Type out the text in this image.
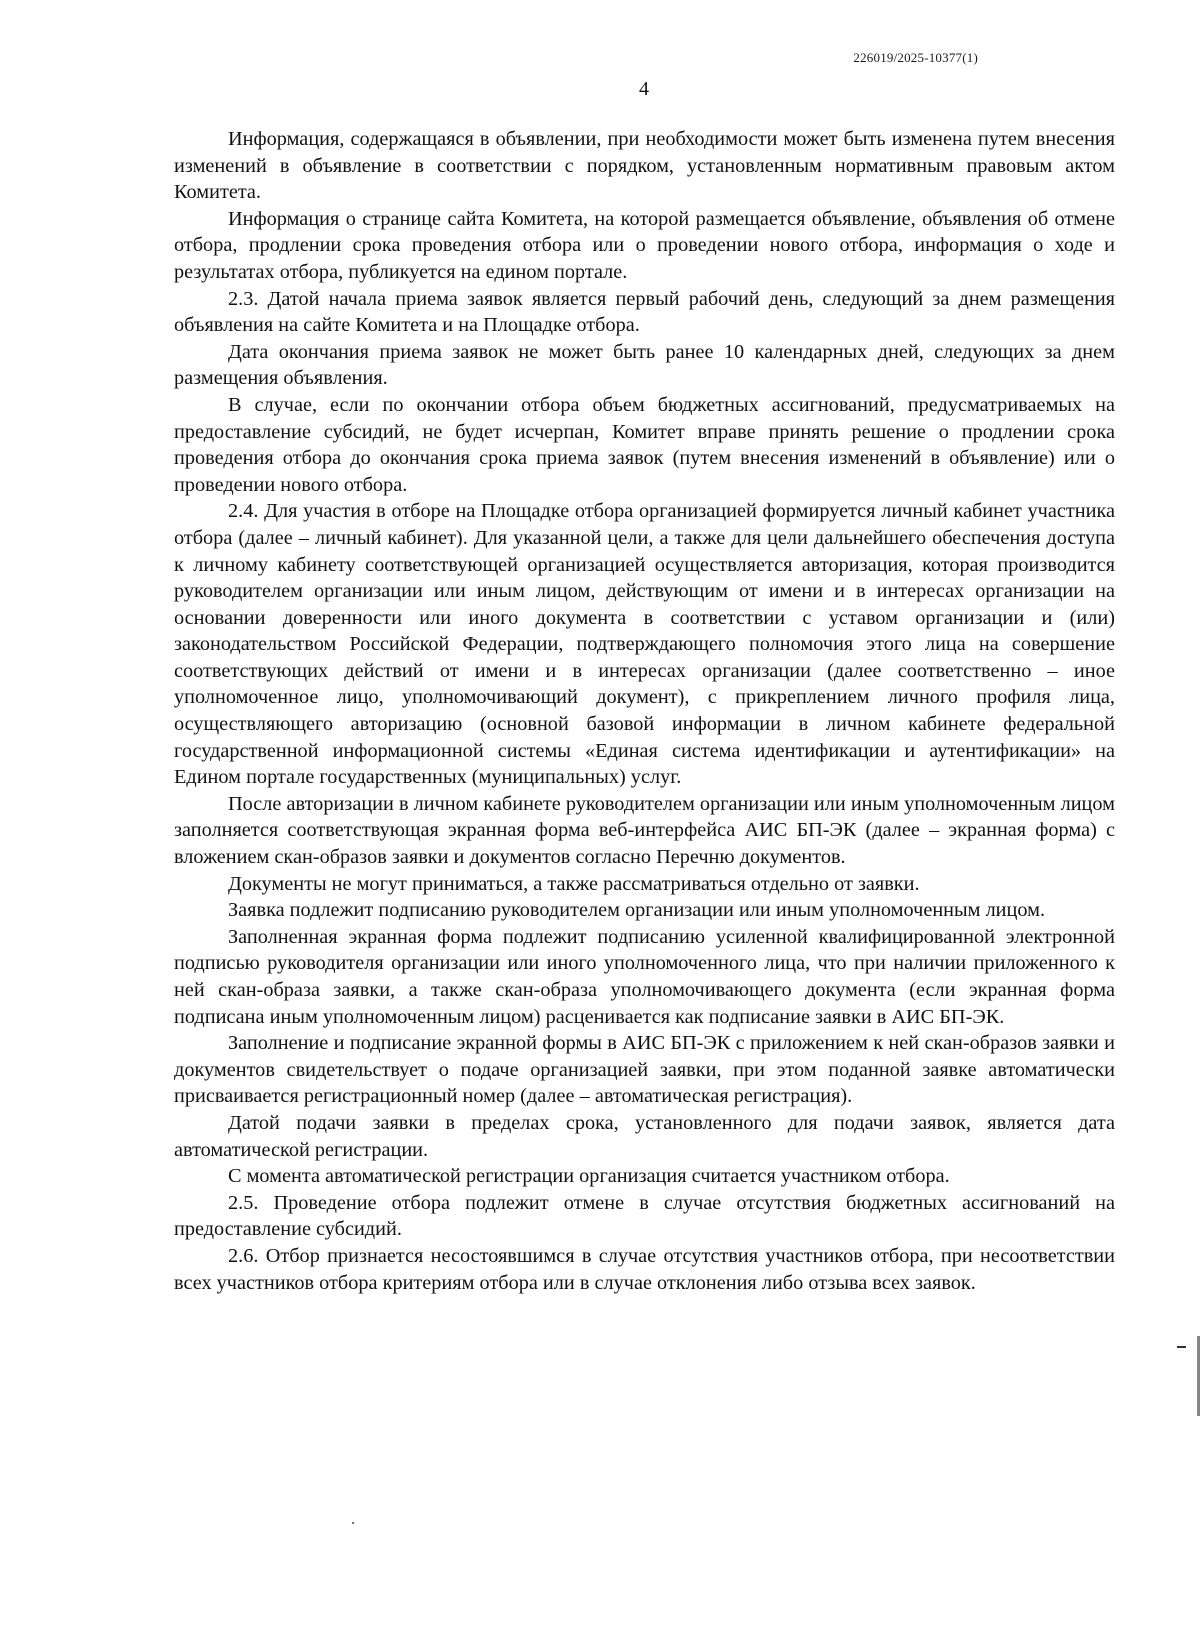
226019/2025-10377(1)
4

Информация, содержащаяся в объявлении, при необходимости может быть изменена путем внесения изменений в объявление в соответствии с порядком, установленным нормативным правовым актом Комитета.

Информация о странице сайта Комитета, на которой размещается объявление, объявления об отмене отбора, продлении срока проведения отбора или о проведении нового отбора, информация о ходе и результатах отбора, публикуется на едином портале.

2.3. Датой начала приема заявок является первый рабочий день, следующий за днем размещения объявления на сайте Комитета и на Площадке отбора.

Дата окончания приема заявок не может быть ранее 10 календарных дней, следующих за днем размещения объявления.

В случае, если по окончании отбора объем бюджетных ассигнований, предусматриваемых на предоставление субсидий, не будет исчерпан, Комитет вправе принять решение о продлении срока проведения отбора до окончания срока приема заявок (путем внесения изменений в объявление) или о проведении нового отбора.

2.4. Для участия в отборе на Площадке отбора организацией формируется личный кабинет участника отбора (далее – личный кабинет). Для указанной цели, а также для цели дальнейшего обеспечения доступа к личному кабинету соответствующей организацией осуществляется авторизация, которая производится руководителем организации или иным лицом, действующим от имени и в интересах организации на основании доверенности или иного документа в соответствии с уставом организации и (или) законодательством Российской Федерации, подтверждающего полномочия этого лица на совершение соответствующих действий от имени и в интересах организации (далее соответственно – иное уполномоченное лицо, уполномочивающий документ), с прикреплением личного профиля лица, осуществляющего авторизацию (основной базовой информации в личном кабинете федеральной государственной информационной системы «Единая система идентификации и аутентификации» на Едином портале государственных (муниципальных) услуг.

После авторизации в личном кабинете руководителем организации или иным уполномоченным лицом заполняется соответствующая экранная форма веб-интерфейса АИС БП-ЭК (далее – экранная форма) с вложением скан-образов заявки и документов согласно Перечню документов.

Документы не могут приниматься, а также рассматриваться отдельно от заявки.

Заявка подлежит подписанию руководителем организации или иным уполномоченным лицом.

Заполненная экранная форма подлежит подписанию усиленной квалифицированной электронной подписью руководителя организации или иного уполномоченного лица, что при наличии приложенного к ней скан-образа заявки, а также скан-образа уполномочивающего документа (если экранная форма подписана иным уполномоченным лицом) расценивается как подписание заявки в АИС БП-ЭК.

Заполнение и подписание экранной формы в АИС БП-ЭК с приложением к ней скан-образов заявки и документов свидетельствует о подаче организацией заявки, при этом поданной заявке автоматически присваивается регистрационный номер (далее – автоматическая регистрация).

Датой подачи заявки в пределах срока, установленного для подачи заявок, является дата автоматической регистрации.

С момента автоматической регистрации организация считается участником отбора.

2.5. Проведение отбора подлежит отмене в случае отсутствия бюджетных ассигнований на предоставление субсидий.

2.6. Отбор признается несостоявшимся в случае отсутствия участников отбора, при несоответствии всех участников отбора критериям отбора или в случае отклонения либо отзыва всех заявок.
